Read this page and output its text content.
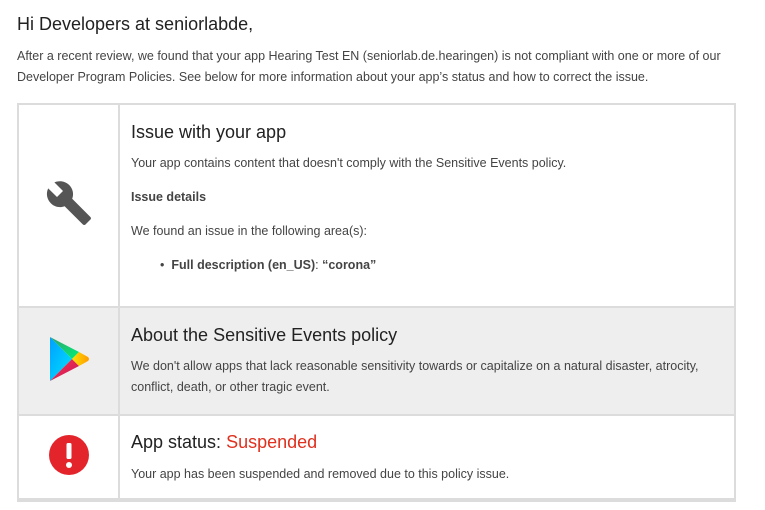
Hi Developers at seniorlabde,

After a recent review, we found that your app Hearing Test EN (seniorlab.de.hearingen) is not compliant with one or more of our Developer Program Policies. See below for more information about your app’s status and how to correct the issue.

Issue with your app

Your app contains content that doesn't comply with the Sensitive Events policy.

Issue details

We found an issue in the following area(s):

• Full description (en_US): “corona”
About the Sensitive Events policy

We don't allow apps that lack reasonable sensitivity towards or capitalize on a natural disaster, atrocity, conflict, death, or other tragic event.

App status: Suspended

Your app has been suspended and removed due to this policy issue.
